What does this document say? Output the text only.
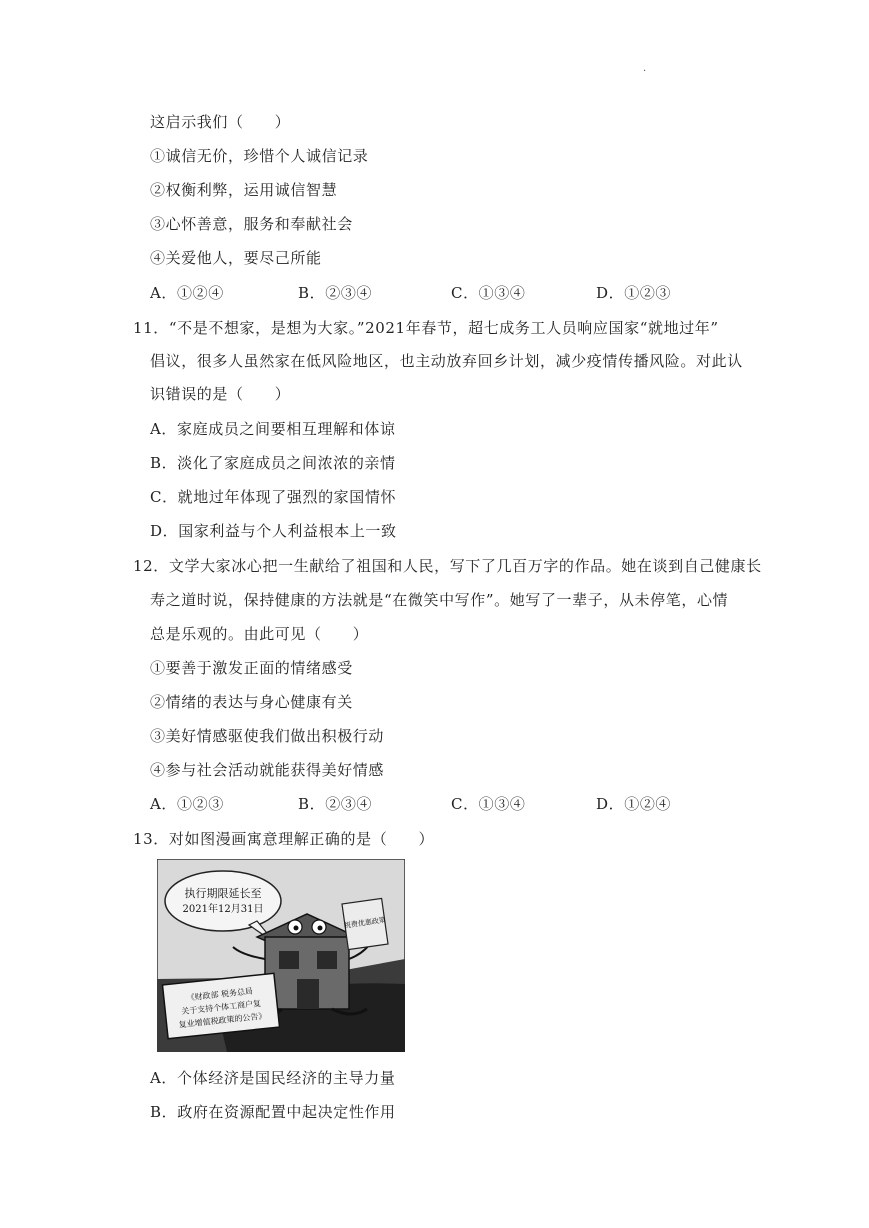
·
这启示我们（　　）
①诚信无价，珍惜个人诚信记录
②权衡利弊，运用诚信智慧
③心怀善意，服务和奉献社会
④关爱他人，要尽己所能
A．①②④	B．②③④	C．①③④	D．①②③
11．“不是不想家，是想为大家。”2021年春节，超七成务工人员响应国家“就地过年”
倡议，很多人虽然家在低风险地区，也主动放弃回乡计划，减少疫情传播风险。对此认
识错误的是（　　）
A．家庭成员之间要相互理解和体谅
B．淡化了家庭成员之间浓浓的亲情
C．就地过年体现了强烈的家国情怀
D．国家利益与个人利益根本上一致
12．文学大家冰心把一生献给了祖国和人民，写下了几百万字的作品。她在谈到自己健康长
寿之道时说，保持健康的方法就是“在微笑中写作”。她写了一辈子，从未停笔，心情
总是乐观的。由此可见（　　）
①要善于激发正面的情绪感受
②情绪的表达与身心健康有关
③美好情感驱使我们做出积极行动
④参与社会活动就能获得美好情感
A．①②③	B．②③④	C．①③④	D．①②④
13．对如图漫画寓意理解正确的是（　　）
执行期限延长至
2021年12月31日
税费优惠政策
《财政部 税务总局
关于支持个体工商户复
复业增值税政策的公告》
A．个体经济是国民经济的主导力量
B．政府在资源配置中起决定性作用
